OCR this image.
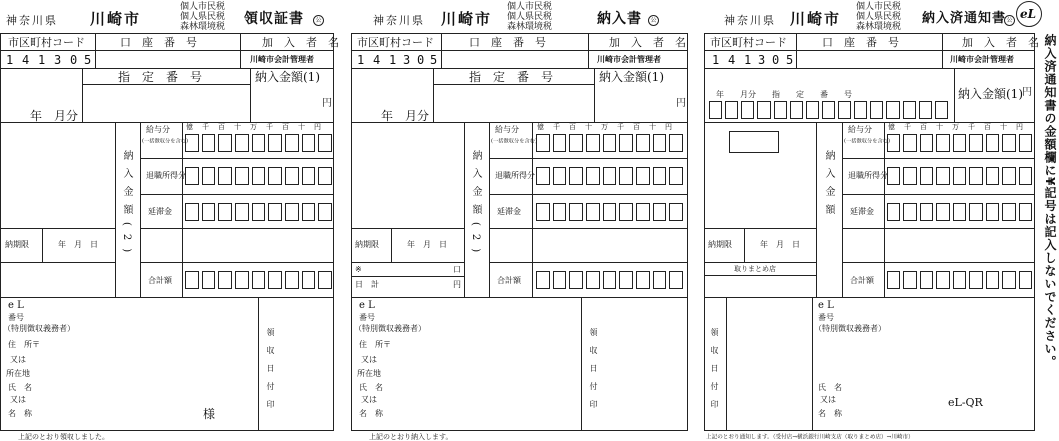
神奈川県 川崎市
個人市民税
個人県民税
森林環境税 領収証書	公
市区町村コード	口　座　番　号	加　入　者　名
1 4 1 3 0 5	川崎市会計管理者
指　定　番　号	納入金額(1)
円
年　月分
納入金額(2)
億　 千　 百　 十　 万　 千　 百　 十　 円
給与分
(一括徴収分を含む)
退職所得分
延滞金
合計額
納期限	年　月　日
e L
番号
（特別徴収義務者）
住　所〒
又は
所在地
氏　名
又は
名　称	様	領収日付印
上記のとおり領収しました。
神奈川県 川崎市
個人市民税
個人県民税
森林環境税	納入書	公
市区町村コード	口　座　番　号	加　入　者　名
1 4 1 3 0 5	川崎市会計管理者
指　定　番　号	納入金額(1)
円
年　月分
納入金額(2)
億　 千　 百　 十　 万　 千　 百　 十　 円
給与分
(一括徴収分を含む)
退職所得分
延滞金
合計額
納期限	年　月　日
※	口
日　計	円
e L
番号
（特別徴収義務者）
住　所〒
又は
所在地
氏　名
又は
名　称	領収日付印
上記のとおり納入します。
神奈川県 川崎市
個人市民税
個人県民税
森林環境税
納入済通知書 公 eL
市区町村コード	口　座　番　号	加　入　者　名
1 4 1 3 0 5	川崎市会計管理者
年　　月分　　指　　定　　番　　号	納入金額(1) 円
納入金額
億　 千　 百　 十　 万　 千　 百　 十　 円
給与分
(一括徴収分を含む)
退職所得分
延滞金
合計額
納期限	年　月　日
取りまとめ店
領収日付印
e L
番号
（特別徴収義務者）
氏　名
又は
名　称
eL-QR
上記のとおり通知します。（受付店→横浜銀行川崎支店（取りまとめ店）→川崎市）
納入済通知書の金額欄に¥記号は記入しないでください。
